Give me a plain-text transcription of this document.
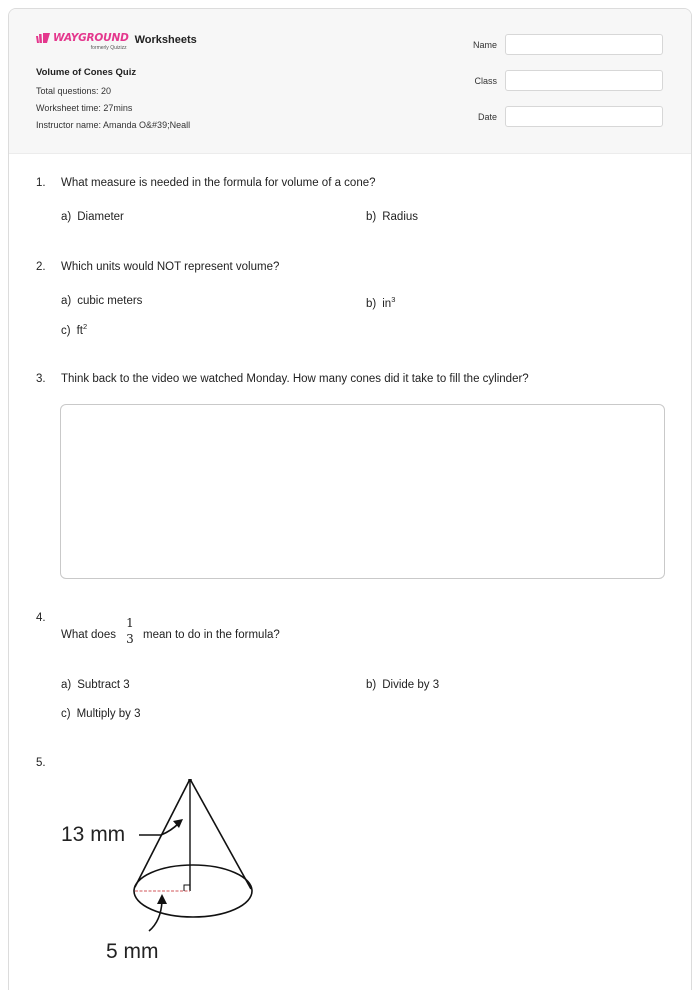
WAYGROUND
formerly Quizizz
Worksheets
Volume of Cones Quiz
Total questions: 20
Worksheet time: 27mins
Instructor name: Amanda O&#39;Neall
Name
Class
Date
1.	What measure is needed in the formula for volume of a cone?
a) Diameter	b) Radius
2.	Which units would NOT represent volume?
a) cubic meters	b) $in^3$
c) $ft^2$
3.	Think back to the video we watched Monday. How many cones did it take to fill the cylinder?
4.
What does
1
3 mean to do in the formula?
a) Subtract 3	b) Divide by 3
c) Multiply by 3
5.
13 mm
5 mm
